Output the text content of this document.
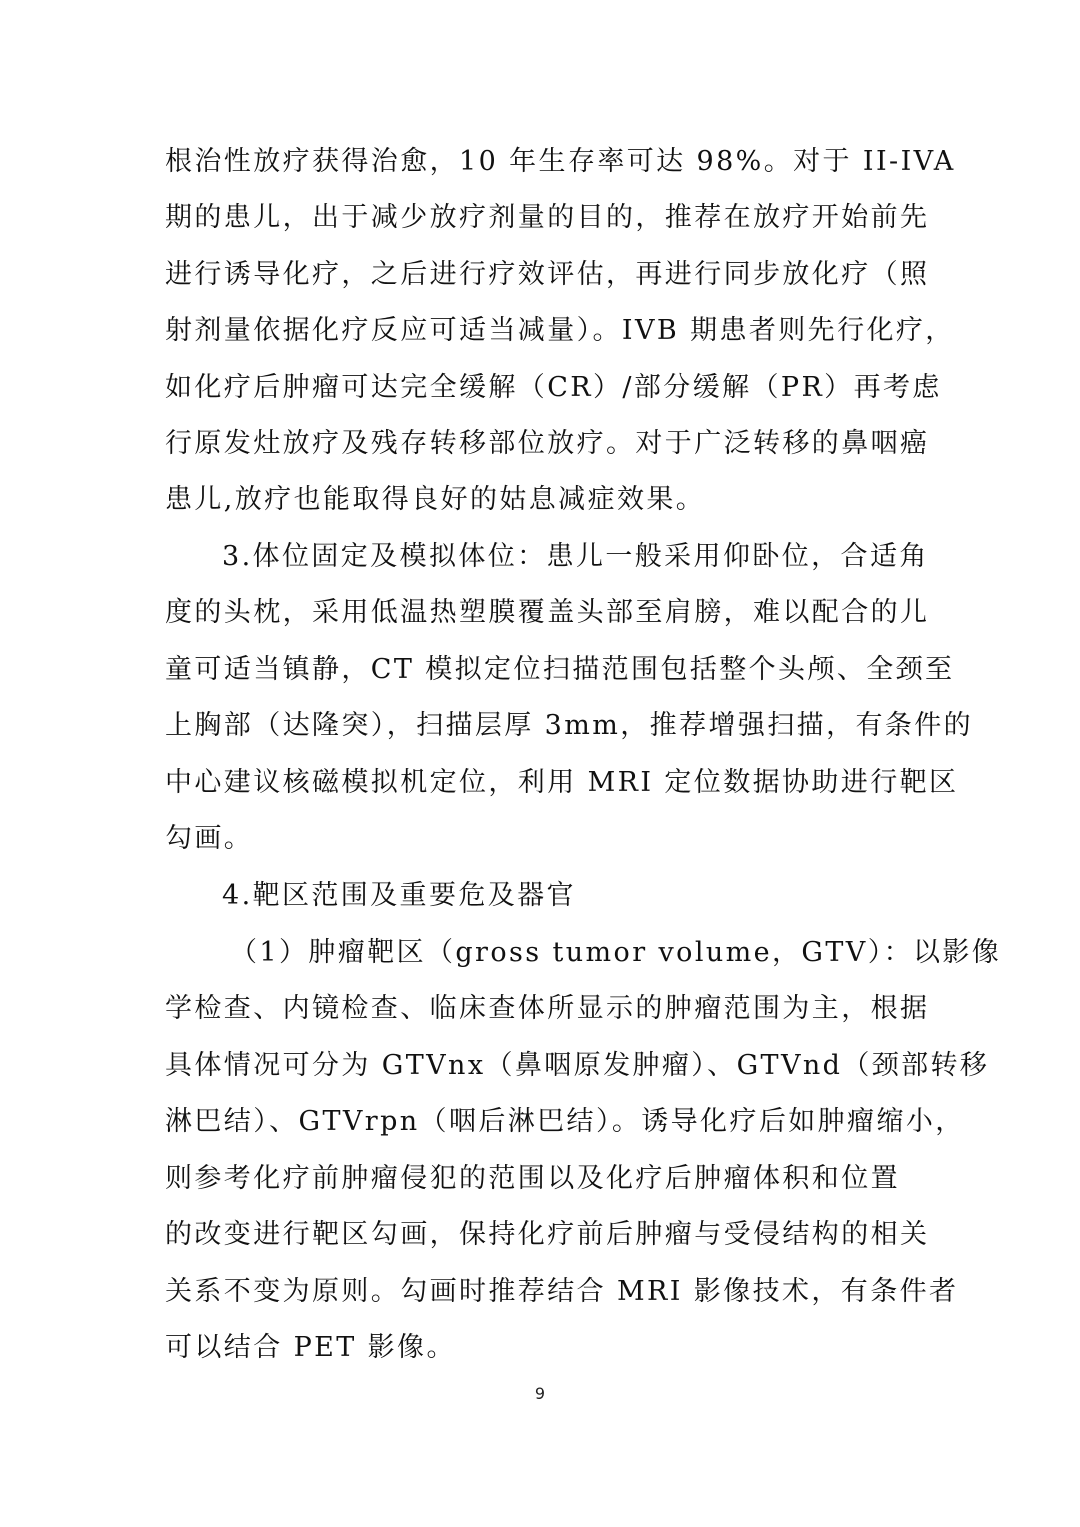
根治性放疗获得治愈，10 年生存率可达 98%。对于 II-IVA
期的患儿，出于减少放疗剂量的目的，推荐在放疗开始前先
进行诱导化疗，之后进行疗效评估，再进行同步放化疗（照
射剂量依据化疗反应可适当减量）。IVB 期患者则先行化疗，
如化疗后肿瘤可达完全缓解（CR）/部分缓解（PR）再考虑
行原发灶放疗及残存转移部位放疗。对于广泛转移的鼻咽癌
患儿,放疗也能取得良好的姑息减症效果。
3.体位固定及模拟体位：患儿一般采用仰卧位，合适角
度的头枕，采用低温热塑膜覆盖头部至肩膀，难以配合的儿
童可适当镇静，CT 模拟定位扫描范围包括整个头颅、全颈至
上胸部（达隆突），扫描层厚 3mm，推荐增强扫描，有条件的
中心建议核磁模拟机定位，利用 MRI 定位数据协助进行靶区
勾画。
4.靶区范围及重要危及器官
（1）肿瘤靶区（gross tumor volume，GTV）：以影像
学检查、内镜检查、临床查体所显示的肿瘤范围为主，根据
具体情况可分为 GTVnx（鼻咽原发肿瘤）、GTVnd（颈部转移
淋巴结）、GTVrpn（咽后淋巴结）。诱导化疗后如肿瘤缩小，
则参考化疗前肿瘤侵犯的范围以及化疗后肿瘤体积和位置
的改变进行靶区勾画，保持化疗前后肿瘤与受侵结构的相关
关系不变为原则。勾画时推荐结合 MRI 影像技术，有条件者
可以结合 PET 影像。
9
